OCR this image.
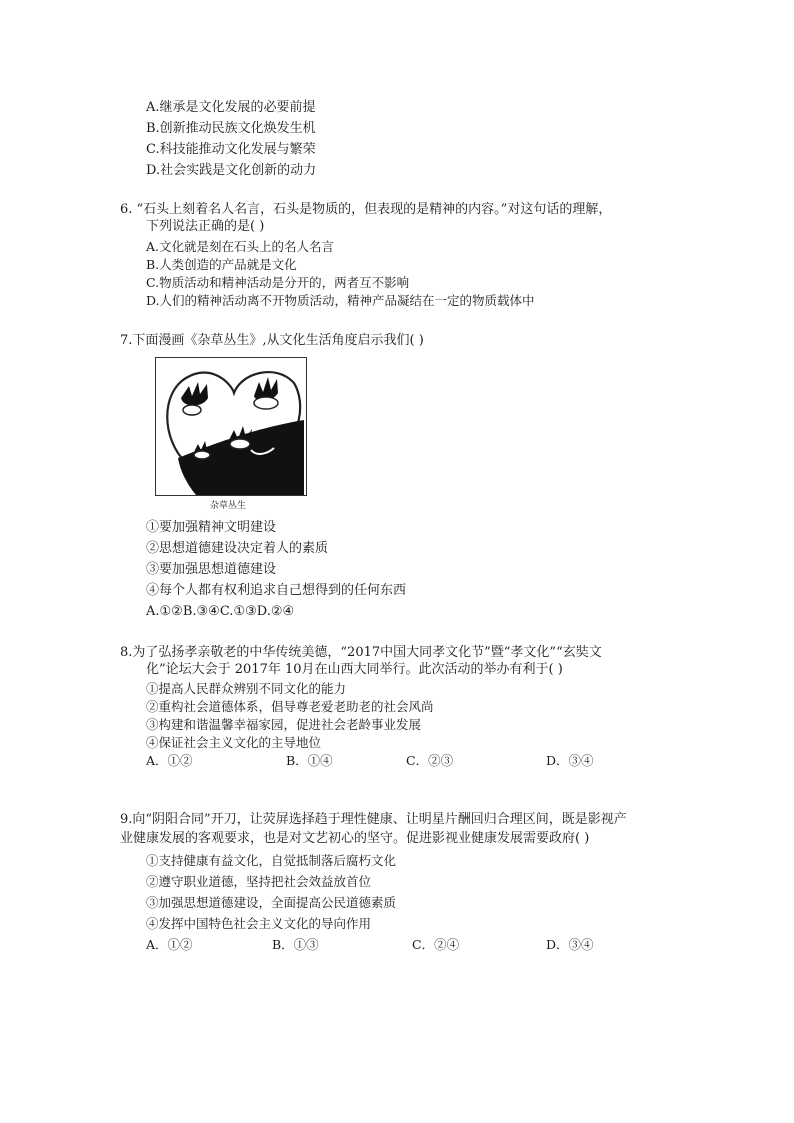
A.继承是文化发展的必要前提
B.创新推动民族文化焕发生机
C.科技能推动文化发展与繁荣
D.社会实践是文化创新的动力
6. “石头上刻着名人名言，石头是物质的，但表现的是精神的内容。”对这句话的理解，
下列说法正确的是( )
A.文化就是刻在石头上的名人名言
B.人类创造的产品就是文化
C.物质活动和精神活动是分开的，两者互不影响
D.人们的精神活动离不开物质活动，精神产品凝结在一定的物质载体中
7.下面漫画《杂草丛生》,从文化生活角度启示我们( )
杂草丛生
①要加强精神文明建设
②思想道德建设决定着人的素质
③要加强思想道德建设
④每个人都有权利追求自己想得到的任何东西
A.①②B.③④C.①③D.②④
8.为了弘扬孝亲敬老的中华传统美德，“2017中国大同孝文化节”暨“孝文化”“玄奘文
化”论坛大会于 2017年 10月在山西大同举行。此次活动的举办有利于( )
①提高人民群众辨别不同文化的能力
②重构社会道德体系，倡导尊老爱老助老的社会风尚
③构建和谐温馨幸福家园，促进社会老龄事业发展
④保证社会主义文化的主导地位
A．①②	B．①④	C．②③	D．③④
9.向“阴阳合同”开刀，让荧屏选择趋于理性健康、让明星片酬回归合理区间，既是影视产
业健康发展的客观要求，也是对文艺初心的坚守。促进影视业健康发展需要政府( )
①支持健康有益文化，自觉抵制落后腐朽文化
②遵守职业道德，坚持把社会效益放首位
③加强思想道德建设，全面提高公民道德素质
④发挥中国特色社会主义文化的导向作用
A．①②	B．①③	C．②④	D．③④
